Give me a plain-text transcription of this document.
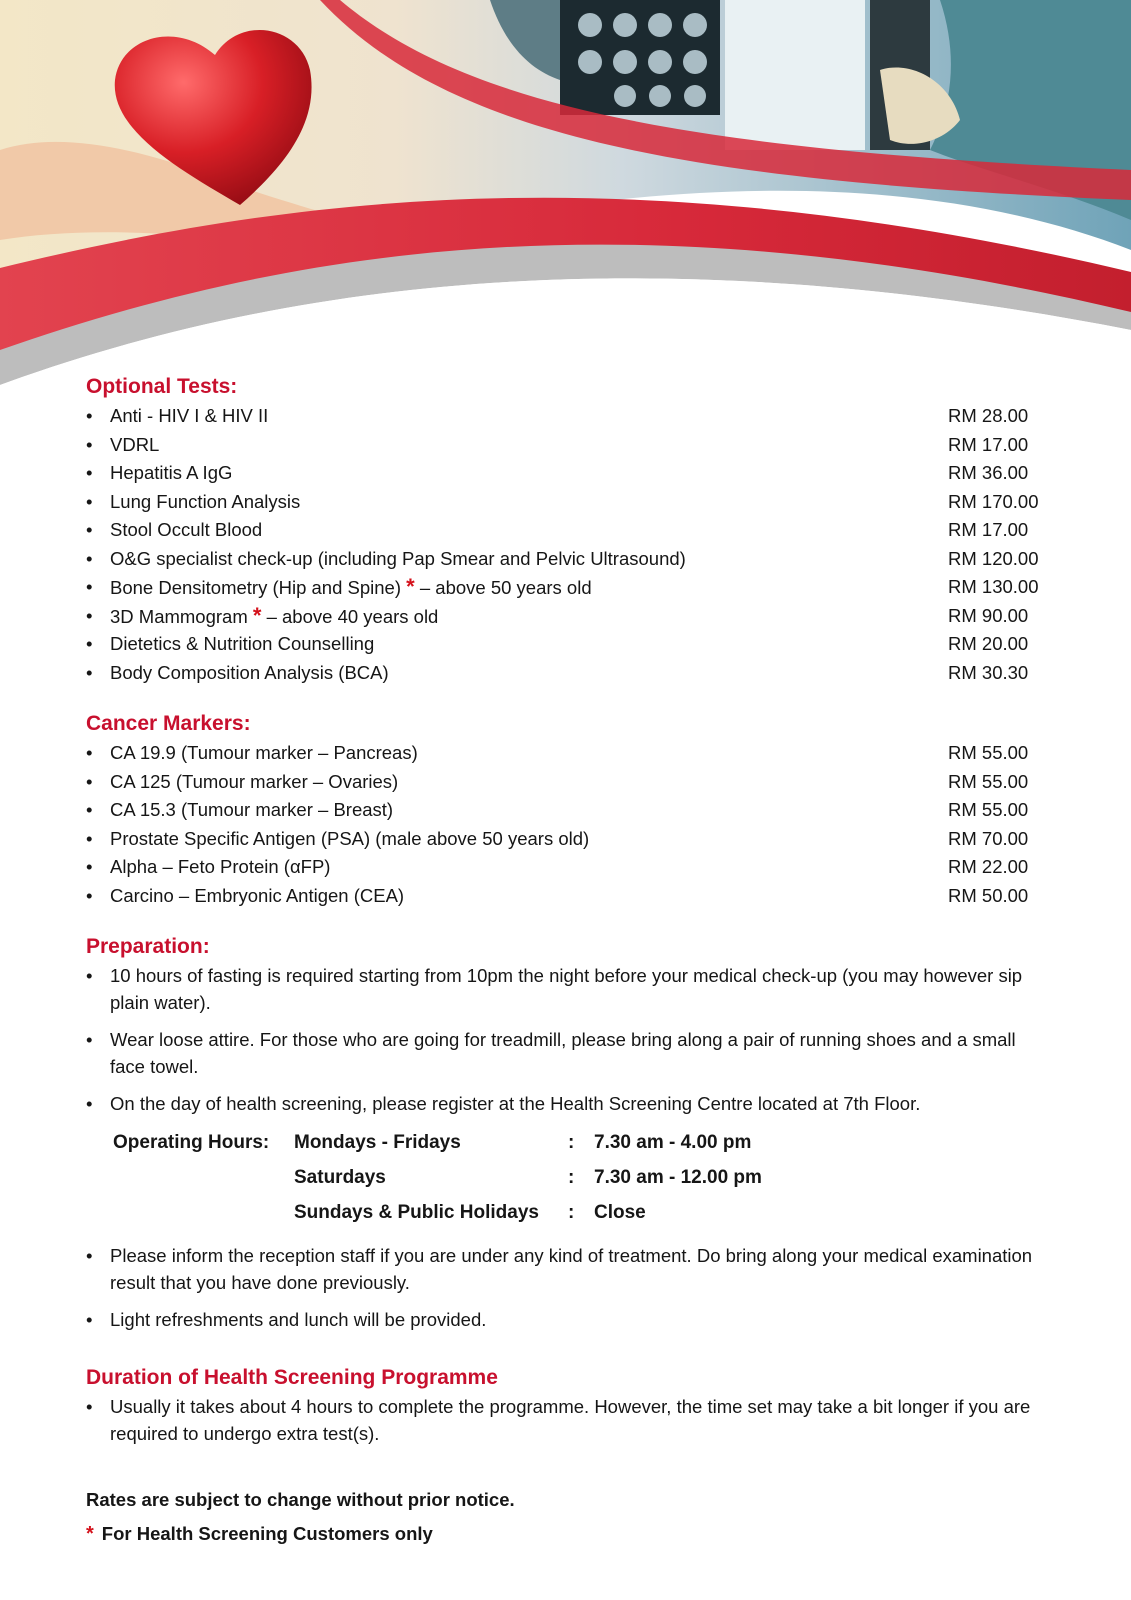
Optional Tests:
• Anti - HIV I & HIV II	RM 28.00
• VDRL	RM 17.00
• Hepatitis A IgG	RM 36.00
• Lung Function Analysis	RM 170.00
• Stool Occult Blood	RM 17.00
• O&G specialist check-up (including Pap Smear and Pelvic Ultrasound)	RM 120.00
• Bone Densitometry (Hip and Spine) * – above 50 years old	RM 130.00
• 3D Mammogram * – above 40 years old	RM 90.00
• Dietetics & Nutrition Counselling	RM 20.00
• Body Composition Analysis (BCA)	RM 30.30
Cancer Markers:
• CA 19.9 (Tumour marker – Pancreas)	RM 55.00
• CA 125 (Tumour marker – Ovaries)	RM 55.00
• CA 15.3 (Tumour marker – Breast)	RM 55.00
• Prostate Specific Antigen (PSA) (male above 50 years old)	RM 70.00
• Alpha – Feto Protein (αFP)	RM 22.00
• Carcino – Embryonic Antigen (CEA)	RM 50.00
Preparation:
• 10 hours of fasting is required starting from 10pm the night before your medical check-up (you may however sip plain water).
• Wear loose attire. For those who are going for treadmill, please bring along a pair of running shoes and a small face towel.
• On the day of health screening, please register at the Health Screening Centre located at 7th Floor.
Operating Hours: Mondays - Fridays	: 7.30 am - 4.00 pm
Saturdays	: 7.30 am - 12.00 pm
Sundays & Public Holidays : Close
• Please inform the reception staff if you are under any kind of treatment. Do bring along your medical examination result that you have done previously.
• Light refreshments and lunch will be provided.
Duration of Health Screening Programme
• Usually it takes about 4 hours to complete the programme. However, the time set may take a bit longer if you are required to undergo extra test(s).

Rates are subject to change without prior notice.

* For Health Screening Customers only
